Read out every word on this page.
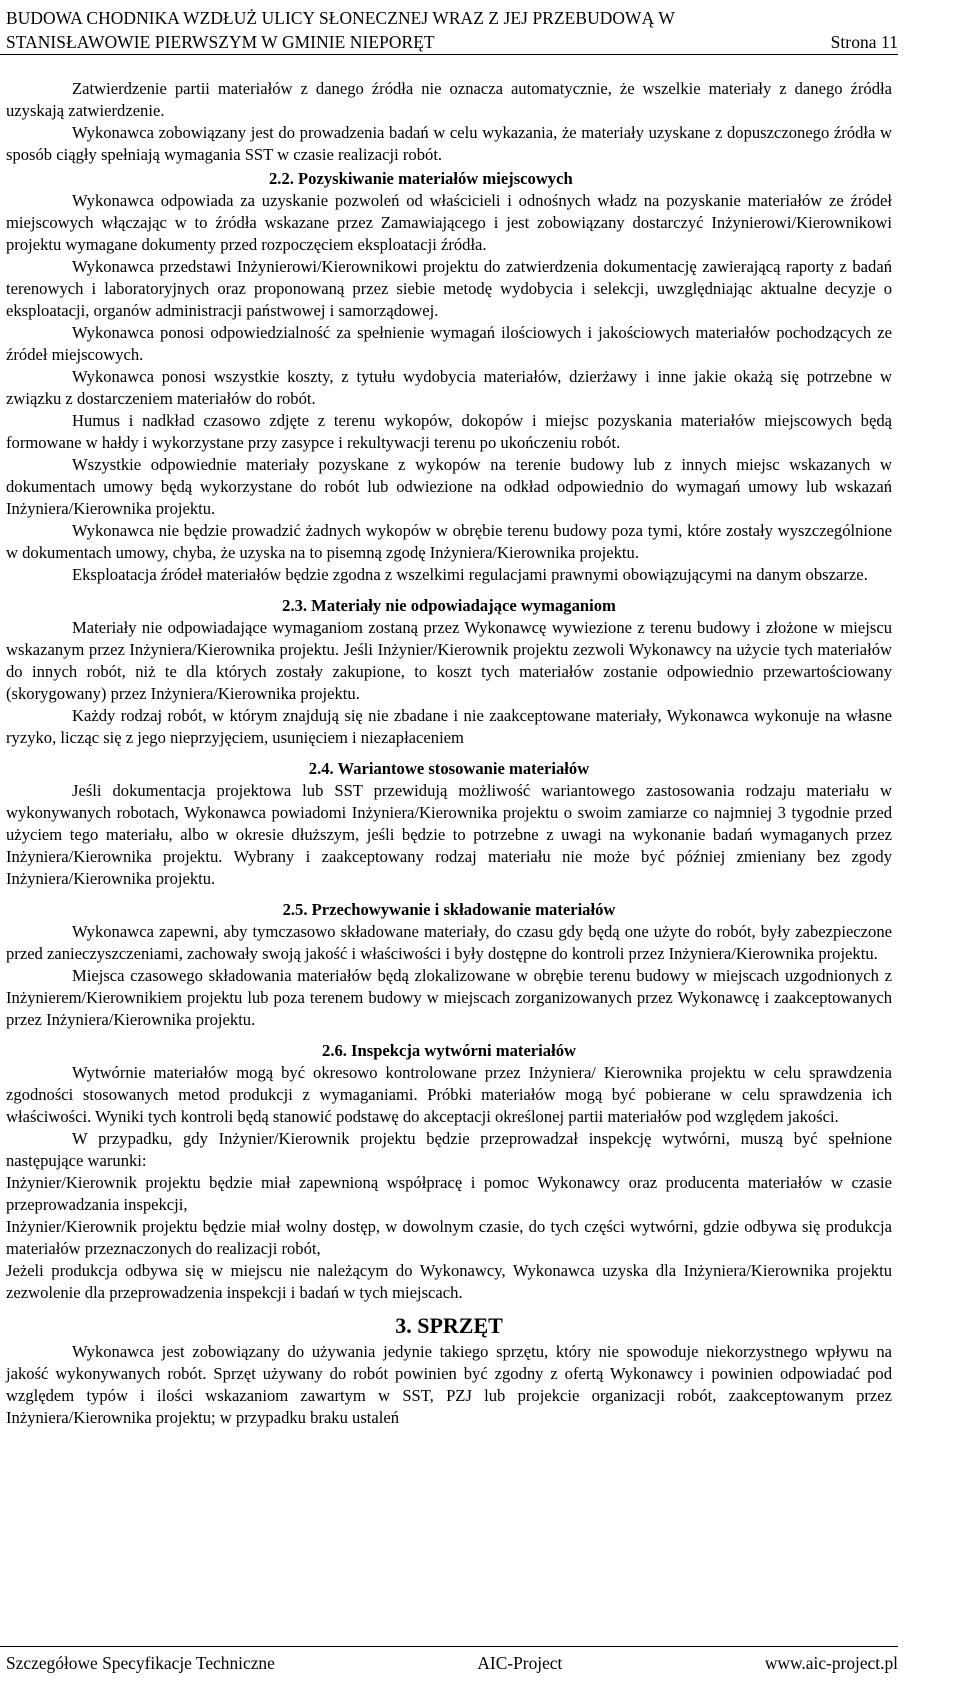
BUDOWA CHODNIKA WZDŁUŻ ULICY SŁONECZNEJ WRAZ Z JEJ PRZEBUDOWĄ W
STANISŁAWOWIE PIERWSZYM W GMINIE NIEPORĘT	Strona 11

Zatwierdzenie partii materiałów z danego źródła nie oznacza automatycznie, że wszelkie materiały z danego źródła uzyskają zatwierdzenie.

Wykonawca zobowiązany jest do prowadzenia badań w celu wykazania, że materiały uzyskane z dopuszczonego źródła w sposób ciągły spełniają wymagania SST w czasie realizacji robót.

2.2. Pozyskiwanie materiałów miejscowych

Wykonawca odpowiada za uzyskanie pozwoleń od właścicieli i odnośnych władz na pozyskanie materiałów ze źródeł miejscowych włączając w to źródła wskazane przez Zamawiającego i jest zobowiązany dostarczyć Inżynierowi/Kierownikowi projektu wymagane dokumenty przed rozpoczęciem eksploatacji źródła.

Wykonawca przedstawi Inżynierowi/Kierownikowi projektu do zatwierdzenia dokumentację zawierającą raporty z badań terenowych i laboratoryjnych oraz proponowaną przez siebie metodę wydobycia i selekcji, uwzględniając aktualne decyzje o eksploatacji, organów administracji państwowej i samorządowej.

Wykonawca ponosi odpowiedzialność za spełnienie wymagań ilościowych i jakościowych materiałów pochodzących ze źródeł miejscowych.

Wykonawca ponosi wszystkie koszty, z tytułu wydobycia materiałów, dzierżawy i inne jakie okażą się potrzebne w związku z dostarczeniem materiałów do robót.

Humus i nadkład czasowo zdjęte z terenu wykopów, dokopów i miejsc pozyskania materiałów miejscowych będą formowane w hałdy i wykorzystane przy zasypce i rekultywacji terenu po ukończeniu robót.

Wszystkie odpowiednie materiały pozyskane z wykopów na terenie budowy lub z innych miejsc wskazanych w dokumentach umowy będą wykorzystane do robót lub odwiezione na odkład odpowiednio do wymagań umowy lub wskazań Inżyniera/Kierownika projektu.

Wykonawca nie będzie prowadzić żadnych wykopów w obrębie terenu budowy poza tymi, które zostały wyszczególnione w dokumentach umowy, chyba, że uzyska na to pisemną zgodę Inżyniera/Kierownika projektu.

Eksploatacja źródeł materiałów będzie zgodna z wszelkimi regulacjami prawnymi obowiązującymi na danym obszarze.

2.3. Materiały nie odpowiadające wymaganiom

Materiały nie odpowiadające wymaganiom zostaną przez Wykonawcę wywiezione z terenu budowy i złożone w miejscu wskazanym przez Inżyniera/Kierownika projektu. Jeśli Inżynier/Kierownik projektu zezwoli Wykonawcy na użycie tych materiałów do innych robót, niż te dla których zostały zakupione, to koszt tych materiałów zostanie odpowiednio przewartościowany (skorygowany) przez Inżyniera/Kierownika projektu.

Każdy rodzaj robót, w którym znajdują się nie zbadane i nie zaakceptowane materiały, Wykonawca wykonuje na własne ryzyko, licząc się z jego nieprzyjęciem, usunięciem i niezapłaceniem

2.4. Wariantowe stosowanie materiałów

Jeśli dokumentacja projektowa lub SST przewidują możliwość wariantowego zastosowania rodzaju materiału w wykonywanych robotach, Wykonawca powiadomi Inżyniera/Kierownika projektu o swoim zamiarze co najmniej 3 tygodnie przed użyciem tego materiału, albo w okresie dłuższym, jeśli będzie to potrzebne z uwagi na wykonanie badań wymaganych przez Inżyniera/Kierownika projektu. Wybrany i zaakceptowany rodzaj materiału nie może być później zmieniany bez zgody Inżyniera/Kierownika projektu.

2.5. Przechowywanie i składowanie materiałów

Wykonawca zapewni, aby tymczasowo składowane materiały, do czasu gdy będą one użyte do robót, były zabezpieczone przed zanieczyszczeniami, zachowały swoją jakość i właściwości i były dostępne do kontroli przez Inżyniera/Kierownika projektu.

Miejsca czasowego składowania materiałów będą zlokalizowane w obrębie terenu budowy w miejscach uzgodnionych z Inżynierem/Kierownikiem projektu lub poza terenem budowy w miejscach zorganizowanych przez Wykonawcę i zaakceptowanych przez Inżyniera/Kierownika projektu.

2.6. Inspekcja wytwórni materiałów

Wytwórnie materiałów mogą być okresowo kontrolowane przez Inżyniera/ Kierownika projektu w celu sprawdzenia zgodności stosowanych metod produkcji z wymaganiami. Próbki materiałów mogą być pobierane w celu sprawdzenia ich właściwości. Wyniki tych kontroli będą stanowić podstawę do akceptacji określonej partii materiałów pod względem jakości.

W przypadku, gdy Inżynier/Kierownik projektu będzie przeprowadzał inspekcję wytwórni, muszą być spełnione następujące warunki:

Inżynier/Kierownik projektu będzie miał zapewnioną współpracę i pomoc Wykonawcy oraz producenta materiałów w czasie przeprowadzania inspekcji,

Inżynier/Kierownik projektu będzie miał wolny dostęp, w dowolnym czasie, do tych części wytwórni, gdzie odbywa się produkcja materiałów przeznaczonych do realizacji robót,

Jeżeli produkcja odbywa się w miejscu nie należącym do Wykonawcy, Wykonawca uzyska dla Inżyniera/Kierownika projektu zezwolenie dla przeprowadzenia inspekcji i badań w tych miejscach.

3. SPRZĘT

Wykonawca jest zobowiązany do używania jedynie takiego sprzętu, który nie spowoduje niekorzystnego wpływu na jakość wykonywanych robót. Sprzęt używany do robót powinien być zgodny z ofertą Wykonawcy i powinien odpowiadać pod względem typów i ilości wskazaniom zawartym w SST, PZJ lub projekcie organizacji robót, zaakceptowanym przez Inżyniera/Kierownika projektu; w przypadku braku ustaleń

Szczegółowe Specyfikacje Techniczne	AIC-Project	www.aic-project.pl
